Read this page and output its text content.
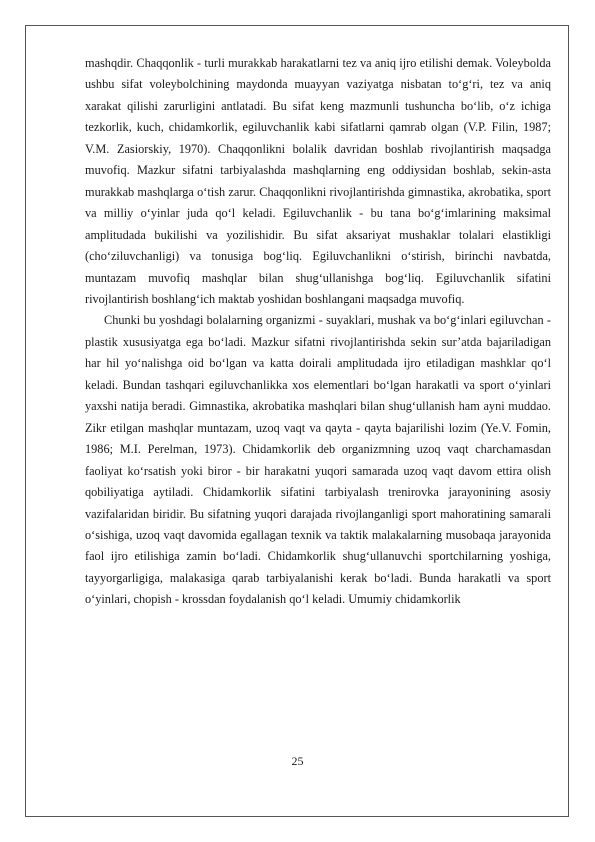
mashqdir. Chaqqonlik - turli murakkab harakatlarni tez va aniq ijro etilishi demak. Voleybolda ushbu sifat voleybolchining maydonda muayyan vaziyatga nisbatan to‘g‘ri, tez va aniq xarakat qilishi zarurligini antlatadi. Bu sifat keng mazmunli tushuncha bo‘lib, o‘z ichiga tezkorlik, kuch, chidamkorlik, egiluvchanlik kabi sifatlarni qamrab olgan (V.P. Filin, 1987; V.M. Zasiorskiy, 1970). Chaqqonlikni bolalik davridan boshlab rivojlantirish maqsadga muvofiq. Mazkur sifatni tarbiyalashda mashqlarning eng oddiysidan boshlab, sekin-asta murakkab mashqlarga o‘tish zarur. Chaqqonlikni rivojlantirishda gimnastika, akrobatika, sport va milliy o‘yinlar juda qo‘l keladi. Egiluvchanlik - bu tana bo‘g‘imlarining maksimal amplitudada bukilishi va yozilishidir. Bu sifat aksariyat mushaklar tolalari elastikligi (cho‘ziluvchanligi) va tonusiga bog‘liq. Egiluvchanlikni o‘stirish, birinchi navbatda, muntazam muvofiq mashqlar bilan shug‘ullanishga bog‘liq. Egiluvchanlik sifatini rivojlantirish boshlang‘ich maktab yoshidan boshlangani maqsadga muvofiq.

Chunki bu yoshdagi bolalarning organizmi - suyaklari, mushak va bo‘g‘inlari egiluvchan - plastik xususiyatga ega bo‘ladi. Mazkur sifatni rivojlantirishda sekin sur’atda bajariladigan har hil yo‘nalishga oid bo‘lgan va katta doirali amplitudada ijro etiladigan mashklar qo‘l keladi. Bundan tashqari egiluvchanlikka xos elementlari bo‘lgan harakatli va sport o‘yinlari yaxshi natija beradi. Gimnastika, akrobatika mashqlari bilan shug‘ullanish ham ayni muddao. Zikr etilgan mashqlar muntazam, uzoq vaqt va qayta - qayta bajarilishi lozim (Ye.V. Fomin, 1986; M.I. Perelman, 1973). Chidamkorlik deb organizmning uzoq vaqt charchamasdan faoliyat ko‘rsatish yoki biror - bir harakatni yuqori samarada uzoq vaqt davom ettira olish qobiliyatiga aytiladi. Chidamkorlik sifatini tarbiyalash trenirovka jarayonining asosiy vazifalaridan biridir. Bu sifatning yuqori darajada rivojlanganligi sport mahoratining samarali o‘sishiga, uzoq vaqt davomida egallagan texnik va taktik malakalarning musobaqa jarayonida faol ijro etilishiga zamin bo‘ladi. Chidamkorlik shug‘ullanuvchi sportchilarning yoshiga, tayyorgarligiga, malakasiga qarab tarbiyalanishi kerak bo‘ladi. Bunda harakatli va sport o‘yinlari, chopish - krossdan foydalanish qo‘l keladi. Umumiy chidamkorlik

25
